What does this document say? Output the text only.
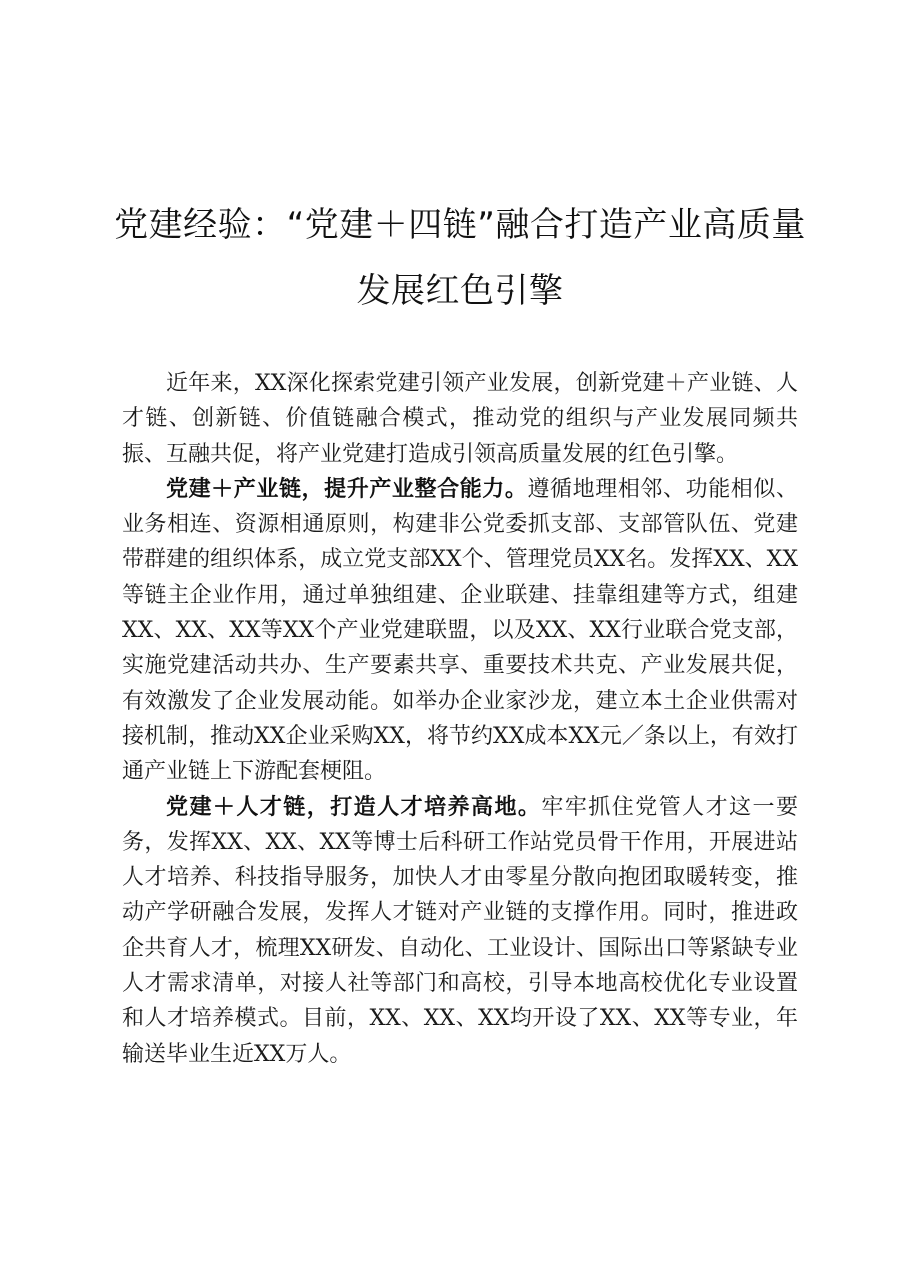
党建经验：“党建＋四链”融合打造产业高质量发展红色引擎

近年来，XX深化探索党建引领产业发展，创新党建＋产业链、人才链、创新链、价值链融合模式，推动党的组织与产业发展同频共振、互融共促，将产业党建打造成引领高质量发展的红色引擎。

党建＋产业链，提升产业整合能力。遵循地理相邻、功能相似、业务相连、资源相通原则，构建非公党委抓支部、支部管队伍、党建带群建的组织体系，成立党支部XX个、管理党员XX名。发挥XX、XX等链主企业作用，通过单独组建、企业联建、挂靠组建等方式，组建XX、XX、XX等XX个产业党建联盟，以及XX、XX行业联合党支部，实施党建活动共办、生产要素共享、重要技术共克、产业发展共促，有效激发了企业发展动能。如举办企业家沙龙，建立本土企业供需对接机制，推动XX企业采购XX，将节约XX成本XX元／条以上，有效打通产业链上下游配套梗阻。

党建＋人才链，打造人才培养高地。牢牢抓住党管人才这一要务，发挥XX、XX、XX等博士后科研工作站党员骨干作用，开展进站人才培养、科技指导服务，加快人才由零星分散向抱团取暖转变，推动产学研融合发展，发挥人才链对产业链的支撑作用。同时，推进政企共育人才，梳理XX研发、自动化、工业设计、国际出口等紧缺专业人才需求清单，对接人社等部门和高校，引导本地高校优化专业设置和人才培养模式。目前，XX、XX、XX均开设了XX、XX等专业，年输送毕业生近XX万人。
